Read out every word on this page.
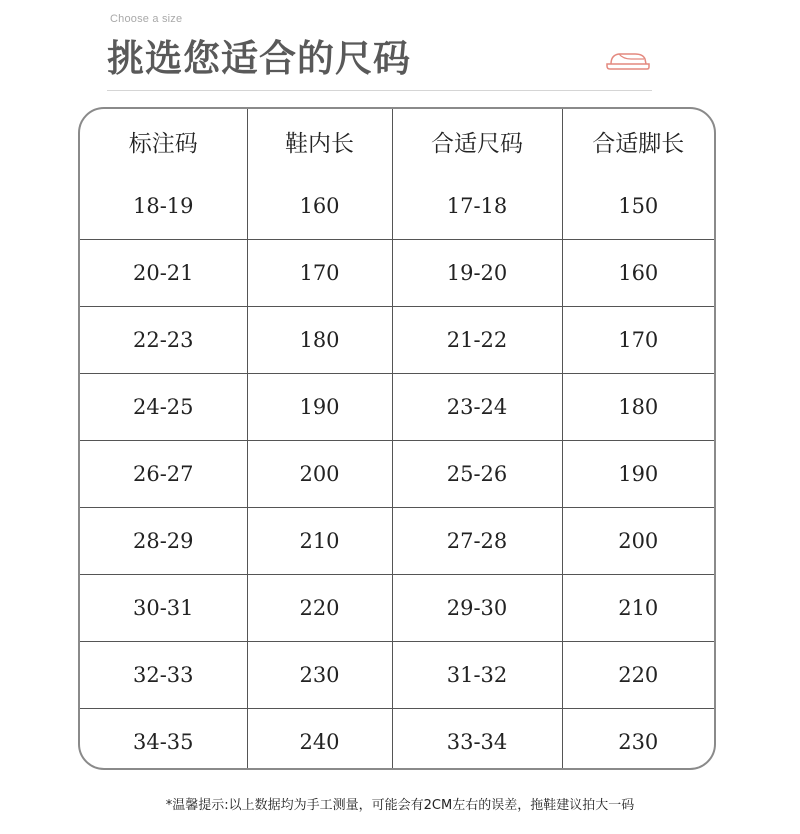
Choose a size
挑选您适合的尺码
标注码	鞋内长	合适尺码	合适脚长
18-19	160	17-18	150
20-21	170	19-20	160
22-23	180	21-22	170
24-25	190	23-24	180
26-27	200	25-26	190
28-29	210	27-28	200
30-31	220	29-30	210
32-33	230	31-32	220
34-35	240	33-34	230
*温馨提示:以上数据均为手工测量，可能会有2CM左右的误差，拖鞋建议拍大一码
